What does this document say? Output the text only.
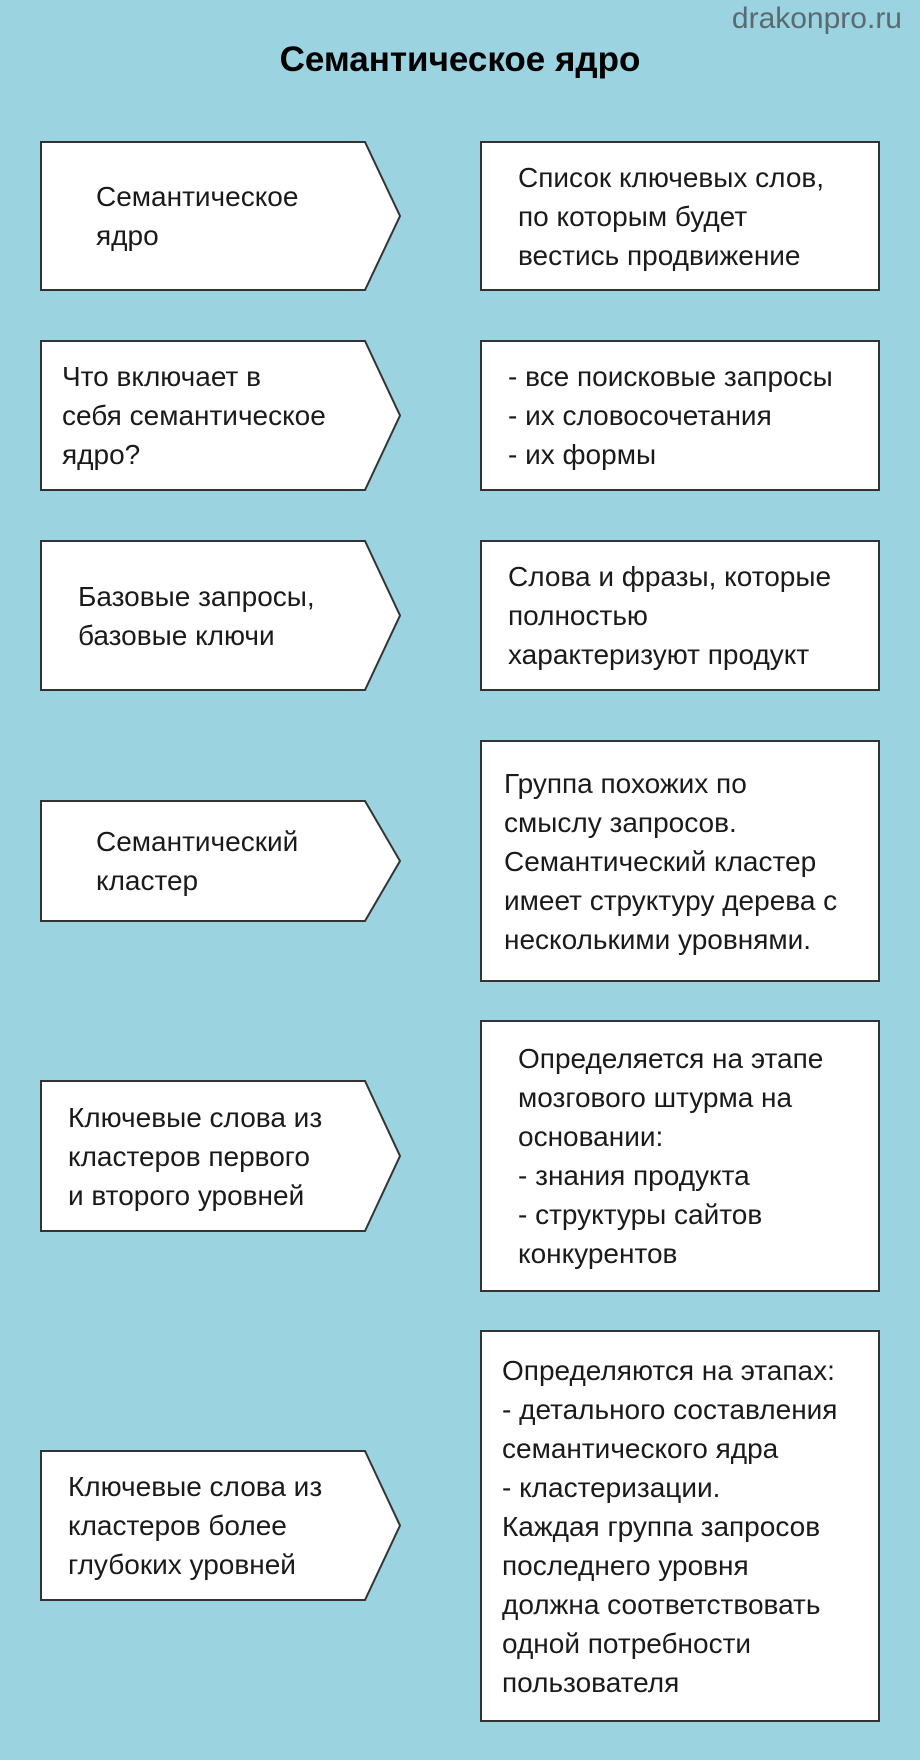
drakonpro.ru
Семантическое ядро
Семантическое
ядро
Список ключевых слов,
по которым будет
вестись продвижение
Что включает в
себя семантическое
ядро?
- все поисковые запросы
- их словосочетания
- их формы
Базовые запросы,
базовые ключи
Слова и фразы, которые
полностью
характеризуют продукт
Семантический
кластер
Группа похожих по
смыслу запросов.
Семантический кластер
имеет структуру дерева с
несколькими уровнями.
Ключевые слова из
кластеров первого
и второго уровней
Определяется на этапе
мозгового штурма на
основании:
- знания продукта
- структуры сайтов
конкурентов
Ключевые слова из
кластеров более
глубоких уровней
Определяются на этапах:
- детального составления
семантического ядра
- кластеризации.
Каждая группа запросов
последнего уровня
должна соответствовать
одной потребности
пользователя
